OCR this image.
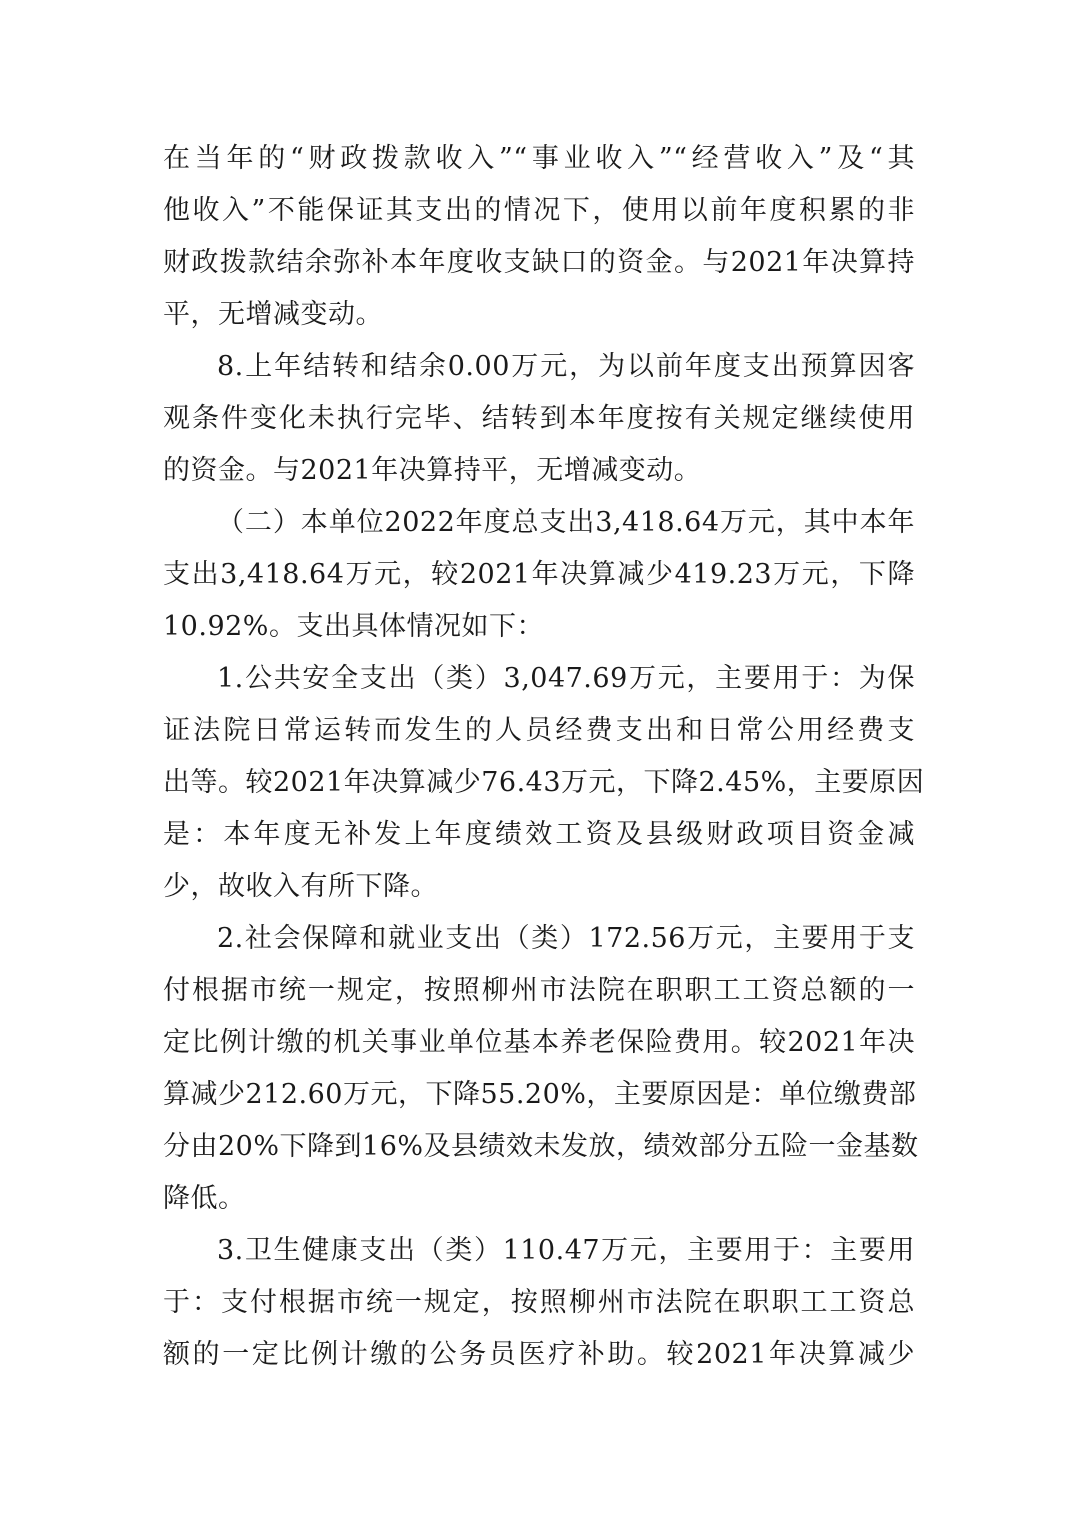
在当年的“财政拨款收入”“事业收入”“经营收入”及“其
他收入”不能保证其支出的情况下，使用以前年度积累的非
财政拨款结余弥补本年度收支缺口的资金。与2021年决算持
平，无增减变动。
8.上年结转和结余0.00万元，为以前年度支出预算因客
观条件变化未执行完毕、结转到本年度按有关规定继续使用
的资金。与2021年决算持平，无增减变动。
（二）本单位2022年度总支出3,418.64万元，其中本年
支出3,418.64万元，较2021年决算减少419.23万元，下降
10.92%。支出具体情况如下：
1.公共安全支出（类）3,047.69万元，主要用于：为保
证法院日常运转而发生的人员经费支出和日常公用经费支
出等。较2021年决算减少76.43万元，下降2.45%，主要原因
是：本年度无补发上年度绩效工资及县级财政项目资金减
少，故收入有所下降。
2.社会保障和就业支出（类）172.56万元，主要用于支
付根据市统一规定，按照柳州市法院在职职工工资总额的一
定比例计缴的机关事业单位基本养老保险费用。较2021年决
算减少212.60万元，下降55.20%，主要原因是：单位缴费部
分由20%下降到16%及县绩效未发放，绩效部分五险一金基数
降低。
3.卫生健康支出（类）110.47万元，主要用于：主要用
于：支付根据市统一规定，按照柳州市法院在职职工工资总
额的一定比例计缴的公务员医疗补助。较2021年决算减少
